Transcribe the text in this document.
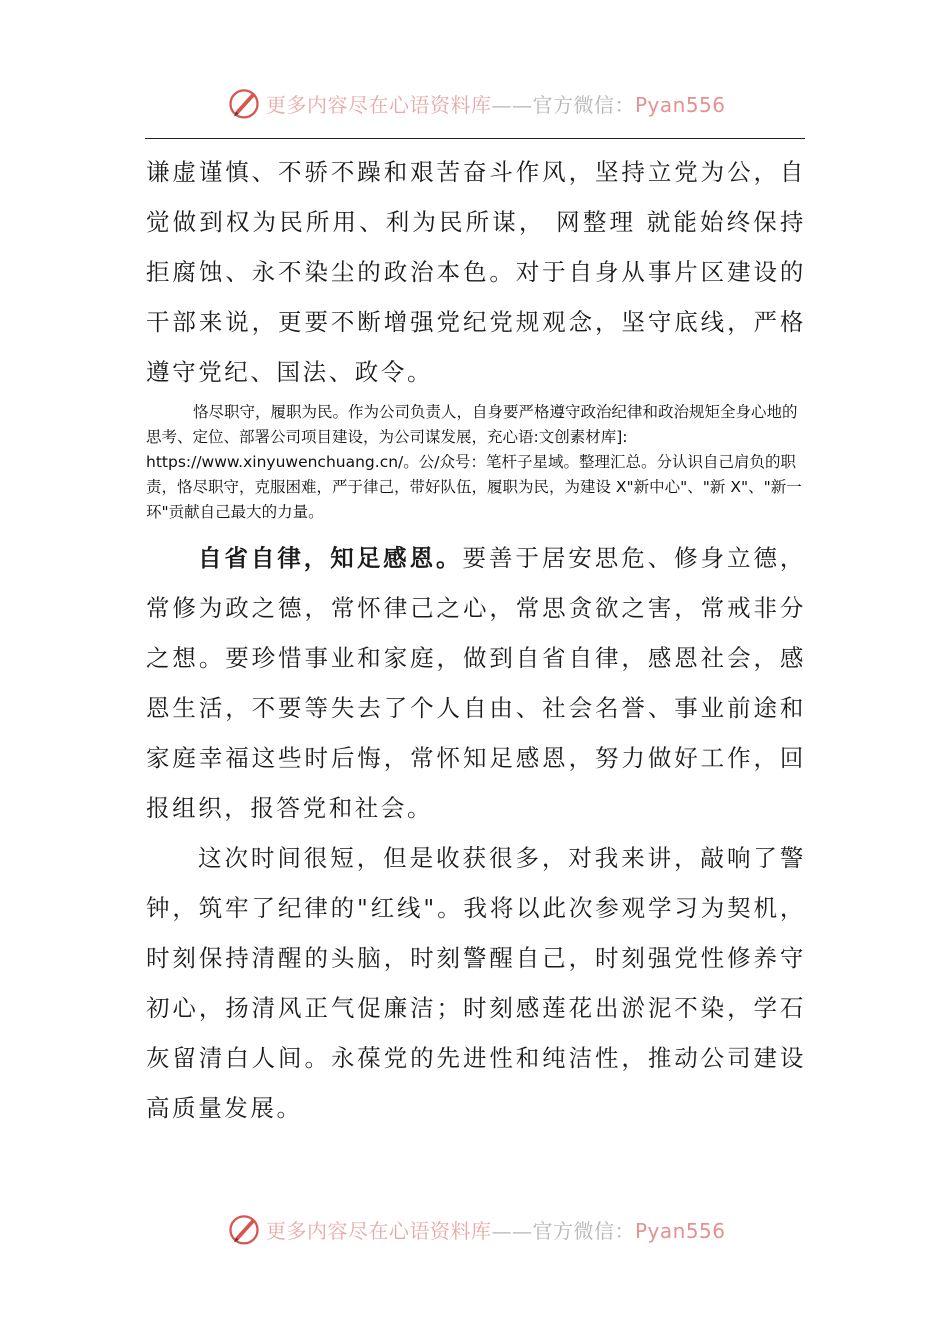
更多内容尽在心语资料库——官方微信：Pyan556

谦虚谨慎、不骄不躁和艰苦奋斗作风，坚持立党为公，自觉做到权为民所用、利为民所谋， 网整理 就能始终保持拒腐蚀、永不染尘的政治本色。对于自身从事片区建设的干部来说，更要不断增强党纪党规观念，坚守底线，严格遵守党纪、国法、政令。

恪尽职守，履职为民。作为公司负责人，自身要严格遵守政治纪律和政治规矩全身心地的思考、定位、部署公司项目建设，为公司谋发展，充心语:文创素材库]: https://www.xinyuwenchuang.cn/。公/众号：笔杆子星域。整理汇总。分认识自己肩负的职责，恪尽职守，克服困难，严于律己，带好队伍，履职为民，为建设 X"新中心"、"新 X"、"新一环"贡献自己最大的力量。

自省自律，知足感恩。要善于居安思危、修身立德，常修为政之德，常怀律己之心，常思贪欲之害，常戒非分之想。要珍惜事业和家庭，做到自省自律，感恩社会，感恩生活，不要等失去了个人自由、社会名誉、事业前途和家庭幸福这些时后悔，常怀知足感恩，努力做好工作，回报组织，报答党和社会。

这次时间很短，但是收获很多，对我来讲，敲响了警钟，筑牢了纪律的"红线"。我将以此次参观学习为契机，时刻保持清醒的头脑，时刻警醒自己，时刻强党性修养守初心，扬清风正气促廉洁；时刻感莲花出淤泥不染，学石灰留清白人间。永葆党的先进性和纯洁性，推动公司建设高质量发展。

更多内容尽在心语资料库——官方微信：Pyan556
